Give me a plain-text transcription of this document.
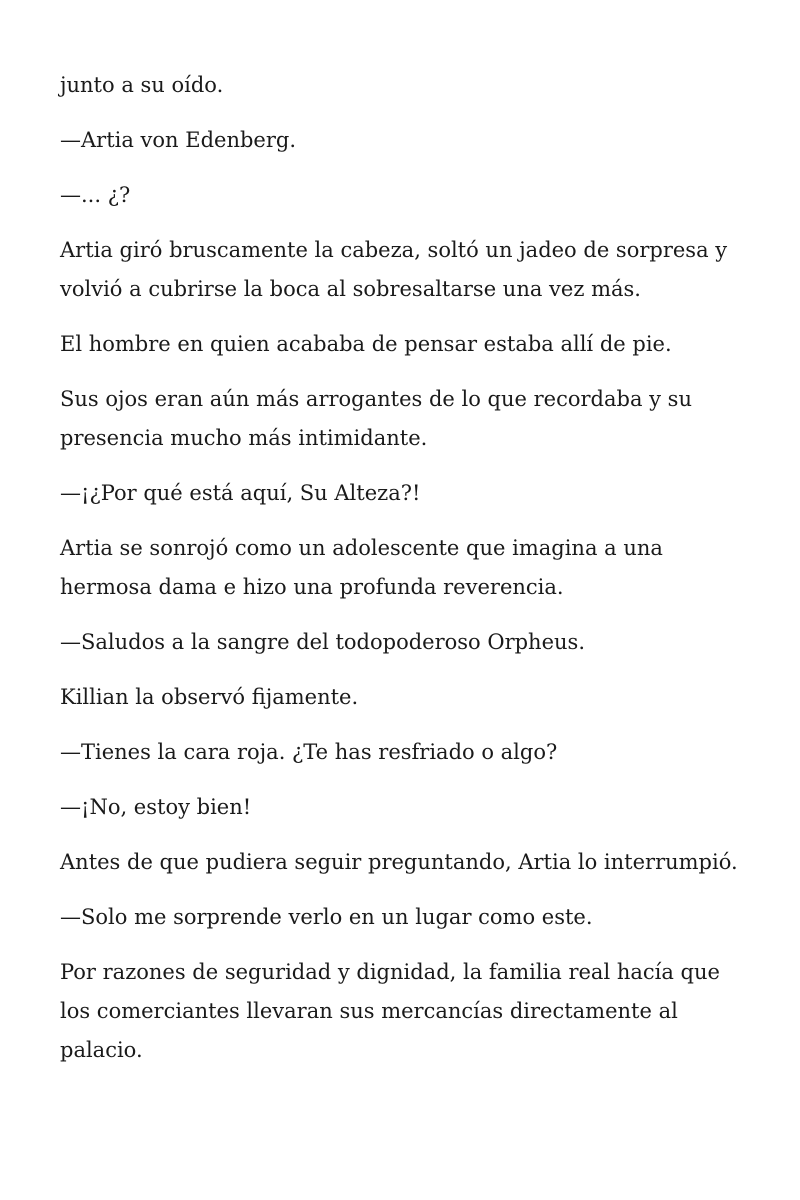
junto a su oído.

—Artia von Edenberg.

—... ¿?

Artia giró bruscamente la cabeza, soltó un jadeo de sorpresa y volvió a cubrirse la boca al sobresaltarse una vez más.

El hombre en quien acababa de pensar estaba allí de pie.

Sus ojos eran aún más arrogantes de lo que recordaba y su presencia mucho más intimidante.

—¡¿Por qué está aquí, Su Alteza?!

Artia se sonrojó como un adolescente que imagina a una hermosa dama e hizo una profunda reverencia.

—Saludos a la sangre del todopoderoso Orpheus.

Killian la observó fijamente.

—Tienes la cara roja. ¿Te has resfriado o algo?

—¡No, estoy bien!

Antes de que pudiera seguir preguntando, Artia lo interrumpió.

—Solo me sorprende verlo en un lugar como este.

Por razones de seguridad y dignidad, la familia real hacía que los comerciantes llevaran sus mercancías directamente al palacio.
